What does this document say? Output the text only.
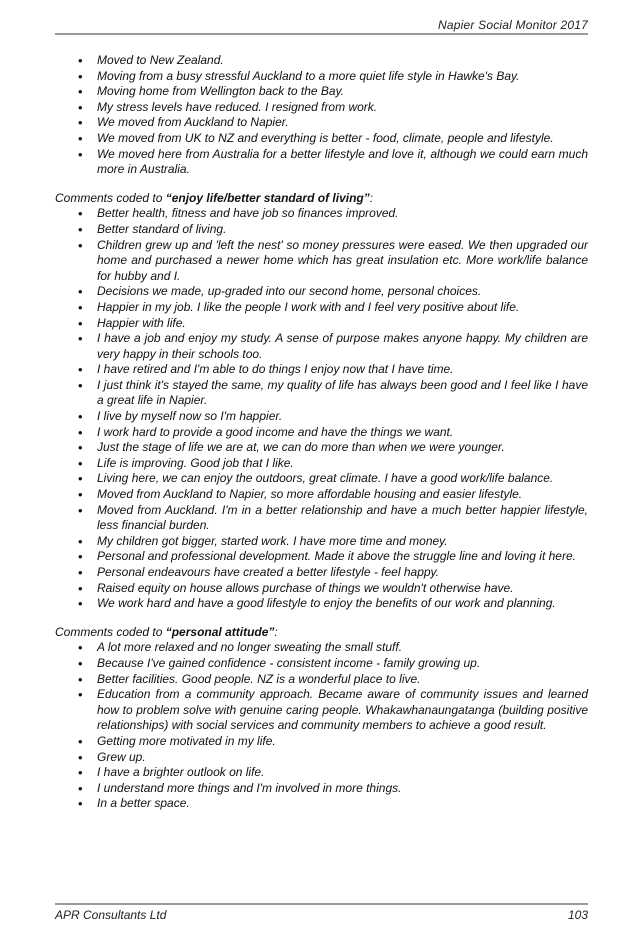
Napier Social Monitor 2017
• Moved to New Zealand.
• Moving from a busy stressful Auckland to a more quiet life style in Hawke's Bay.
• Moving home from Wellington back to the Bay.
• My stress levels have reduced. I resigned from work.
• We moved from Auckland to Napier.
• We moved from UK to NZ and everything is better - food, climate, people and lifestyle.
• We moved here from Australia for a better lifestyle and love it, although we could earn much more in Australia.

Comments coded to “enjoy life/better standard of living”:

• Better health, fitness and have job so finances improved.
• Better standard of living.
• Children grew up and 'left the nest' so money pressures were eased. We then upgraded our home and purchased a newer home which has great insulation etc. More work/life balance for hubby and I.
• Decisions we made, up-graded into our second home, personal choices.
• Happier in my job. I like the people I work with and I feel very positive about life.
• Happier with life.
• I have a job and enjoy my study. A sense of purpose makes anyone happy. My children are very happy in their schools too.
• I have retired and I'm able to do things I enjoy now that I have time.
• I just think it's stayed the same, my quality of life has always been good and I feel like I have a great life in Napier.
• I live by myself now so I'm happier.
• I work hard to provide a good income and have the things we want.
• Just the stage of life we are at, we can do more than when we were younger.
• Life is improving. Good job that I like.
• Living here, we can enjoy the outdoors, great climate. I have a good work/life balance.
• Moved from Auckland to Napier, so more affordable housing and easier lifestyle.
• Moved from Auckland. I'm in a better relationship and have a much better happier lifestyle, less financial burden.
• My children got bigger, started work. I have more time and money.
• Personal and professional development. Made it above the struggle line and loving it here.
• Personal endeavours have created a better lifestyle - feel happy.
• Raised equity on house allows purchase of things we wouldn't otherwise have.
• We work hard and have a good lifestyle to enjoy the benefits of our work and planning.

Comments coded to “personal attitude”:

• A lot more relaxed and no longer sweating the small stuff.
• Because I've gained confidence - consistent income - family growing up.
• Better facilities. Good people. NZ is a wonderful place to live.
• Education from a community approach. Became aware of community issues and learned how to problem solve with genuine caring people. Whakawhanaungatanga (building positive relationships) with social services and community members to achieve a good result.
• Getting more motivated in my life.
• Grew up.
• I have a brighter outlook on life.
• I understand more things and I'm involved in more things.
• In a better space.
APR Consultants Ltd	103
